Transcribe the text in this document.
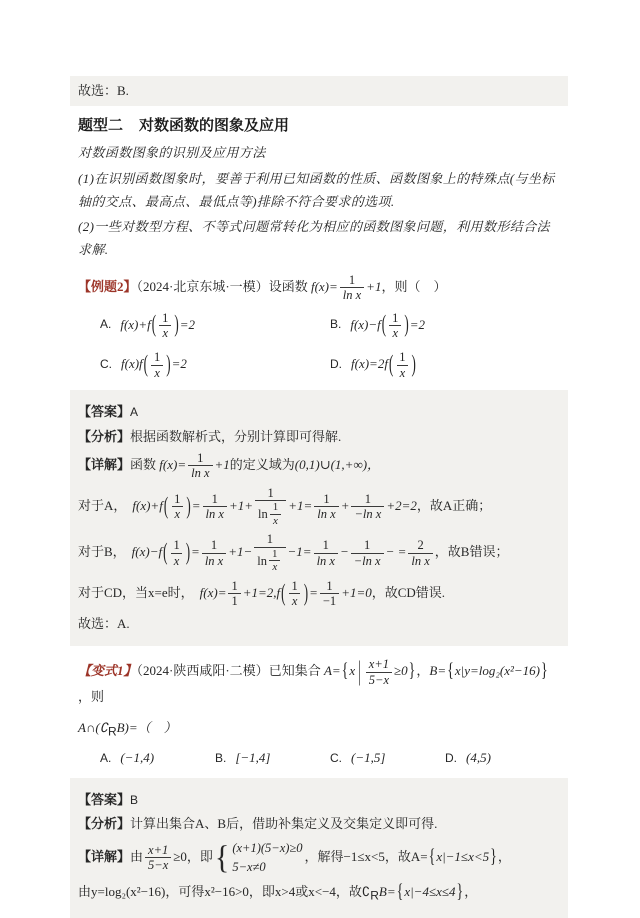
故选：B.

题型二 对数函数的图象及应用

对数函数图象的识别及应用方法

(1)在识别函数图象时，要善于利用已知函数的性质、函数图象上的特殊点(与坐标轴的交点、最高点、最低点等)排除不符合要求的选项.

(2)一些对数型方程、不等式问题常转化为相应的函数图象问题，利用数形结合法求解.

【例题2】（2024·北京东城·一模）设函数 $f(x)= \frac{1}{\text{ln x}} +1$，则（　）

A. $f(x)+f( \frac{1}{x} )=2$	B. $f(x)-f( \frac{1}{x} )=2$
C. $f(x)f( \frac{1}{x} )=2$	D. $f(x)=2f( \frac{1}{x}$ )

【答案】A

【分析】根据函数解析式，分别计算即可得解.

【详解】函数 $f(x)= \frac{1}{\text{ln x}} +1$的定义域为(0,1)∪(1,+∞)，

对于A， $f(x)+f( \frac{1}{x}$ )= $\frac{1}{\text{ln x}} +1+ \frac{1}{\ln \frac{1}{x}} +1= \frac{1}{\text{ln x}} + \frac{1}{\text{−ln x}} +2=2$，故A正确；

对于B， $f(x)-f( \frac{1}{x}$ )= $\frac{1}{\text{ln x}} +1- \frac{1}{\ln \frac{1}{x}} -1= \frac{1}{\text{ln x}} - \frac{1}{\text{−ln x}}$ − = $\frac{2}{\text{ln x}}$ ，故B错误；

对于CD，当x=e时， $f(x)= \frac{1}{1} +1=2,f( \frac{1}{x}$ )= $\frac{1}{-1} +1=0$，故CD错误.

故选：A.

【变式1】（2024·陕西咸阳·二模）已知集合 A={x | $\frac{x+1}{5-x} \ge 0$}，B={x|y=log₂(x²−16)}，则

$A\cap(∁_RB)=$（　）

A. (−1,4)	B. [−1,4]	C. (−1,5]	D. (4,5)

【答案】B

【分析】计算出集合A、B后，借助补集定义及交集定义即可得.

【详解】由 $\frac{x+1}{5-x} \ge 0$，即 { (x+1)(5−x)≥0
5−x≠0
，解得−1≤x<5，故A={x|−1≤x<5}，

由y=log₂(x²−16)，可得x²−16>0，即x>4或x<−4，故$∁_RB=\{x|-4\le x\le 4\}$，
